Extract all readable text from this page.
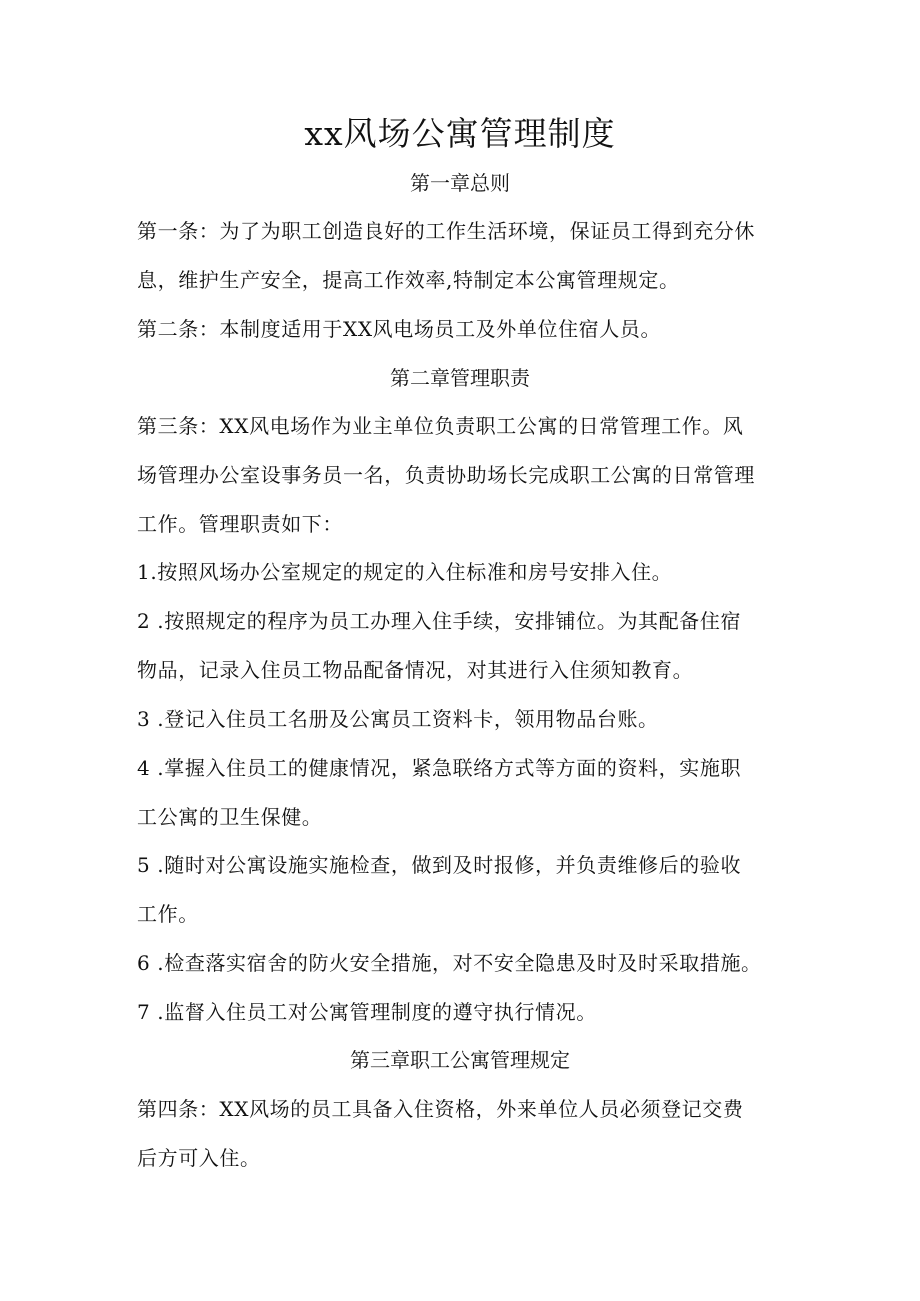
xx风场公寓管理制度
第一章总则
第一条：为了为职工创造良好的工作生活环境，保证员工得到充分休
息，维护生产安全，提高工作效率,特制定本公寓管理规定。
第二条：本制度适用于XX风电场员工及外单位住宿人员。
第二章管理职责
第三条：XX风电场作为业主单位负责职工公寓的日常管理工作。风
场管理办公室设事务员一名，负责协助场长完成职工公寓的日常管理
工作。管理职责如下：
1.按照风场办公室规定的规定的入住标准和房号安排入住。
2 .按照规定的程序为员工办理入住手续，安排铺位。为其配备住宿
物品，记录入住员工物品配备情况，对其进行入住须知教育。
3 .登记入住员工名册及公寓员工资料卡，领用物品台账。
4 .掌握入住员工的健康情况，紧急联络方式等方面的资料，实施职
工公寓的卫生保健。
5 .随时对公寓设施实施检查，做到及时报修，并负责维修后的验收
工作。
6 .检查落实宿舍的防火安全措施，对不安全隐患及时及时采取措施。
7 .监督入住员工对公寓管理制度的遵守执行情况。
第三章职工公寓管理规定
第四条：XX风场的员工具备入住资格，外来单位人员必须登记交费
后方可入住。
